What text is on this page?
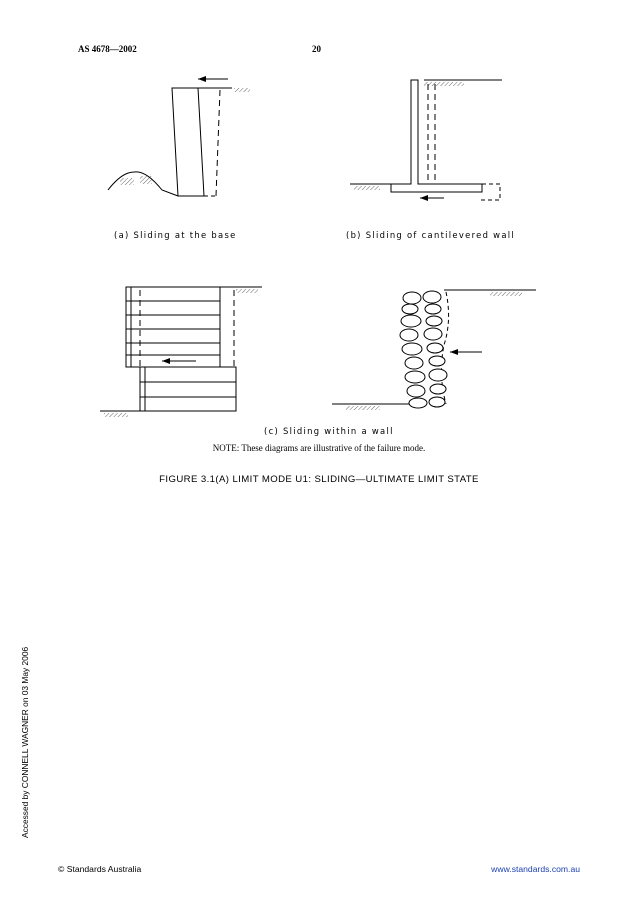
AS 4678—2002	20
(a) Sliding at the base	(b) Sliding of cantilevered wall
(c) Sliding within a wall
NOTE: These diagrams are illustrative of the failure mode.
FIGURE 3.1(A) LIMIT MODE U1: SLIDING—ULTIMATE LIMIT STATE
Accessed by CONNELL WAGNER on 03 May 2006
© Standards Australia	www.standards.com.au
